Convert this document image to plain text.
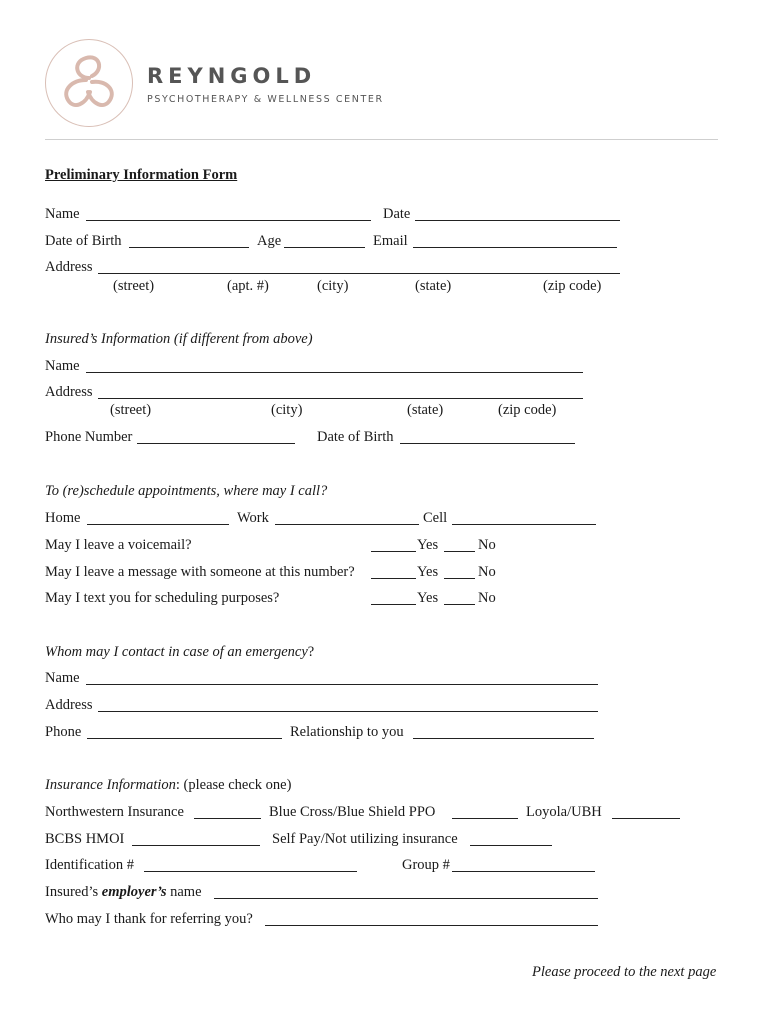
REYNGOLD
PSYCHOTHERAPY & WELLNESS CENTER
Preliminary Information Form
Name	Date
Date of Birth	Age	Email
Address
(street)	(apt. #)	(city)	(state)	(zip code)
Insured’s Information (if different from above)
Name
Address
(street)	(city)	(state)	(zip code)
Phone Number	Date of Birth
To (re)schedule appointments, where may I call?
Home	Work	Cell
May I leave a voicemail?	Yes	No
May I leave a message with someone at this number?	Yes	No
May I text you for scheduling purposes?	Yes	No
Whom may I contact in case of an emergency?
Name
Address
Phone	Relationship to you
Insurance Information: (please check one)
Northwestern Insurance	Blue Cross/Blue Shield PPO	Loyola/UBH
BCBS HMOI	Self Pay/Not utilizing insurance
Identification #	Group #
Insured’s employer’s name
Who may I thank for referring you?
Please proceed to the next page
